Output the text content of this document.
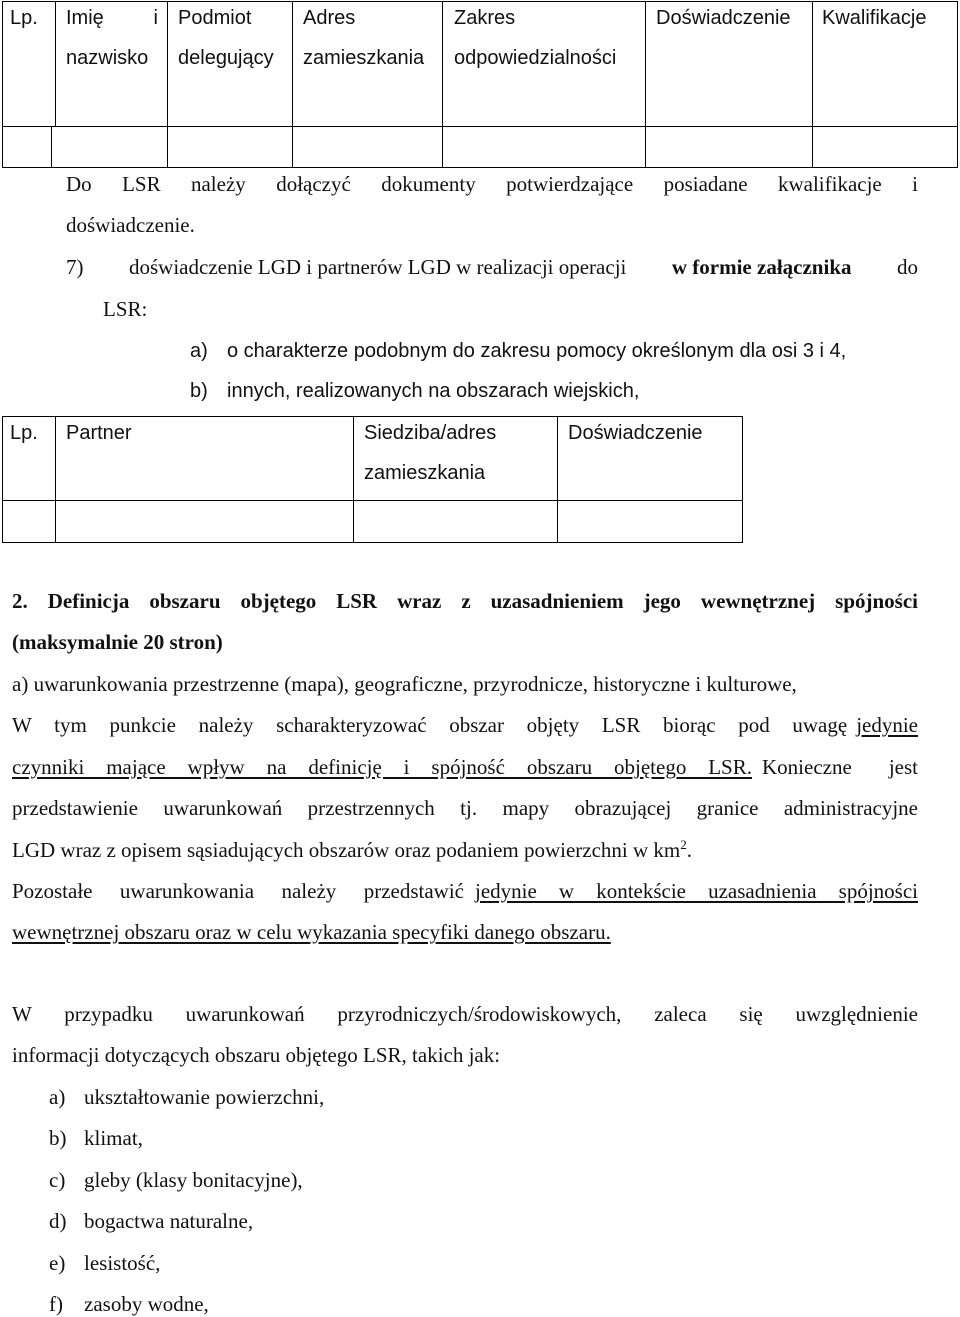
Lp. Imię i
nazwisko
Podmiot
delegujący
Adres
zamieszkania
Zakres
odpowiedzialności
Doświadczenie Kwalifikacje
Do LSR należy dołączyć dokumenty potwierdzające posiadane kwalifikacje i
doświadczenie.
7) doświadczenie LGD i partnerów LGD w realizacji operacji w formie załącznika do
LSR:
a) o charakterze podobnym do zakresu pomocy określonym dla osi 3 i 4,
b) innych, realizowanych na obszarach wiejskich,
Lp. Partner	Siedziba/adres
zamieszkania
Doświadczenie
2. Definicja obszaru objętego LSR wraz z uzasadnieniem jego wewnętrznej spójności
(maksymalnie 20 stron)
a) uwarunkowania przestrzenne (mapa), geograficzne, przyrodnicze, historyczne i kulturowe,
W tym punkcie należy scharakteryzować obszar objęty LSR biorąc pod uwagę jedynie
czynniki mające wpływ na definicję i spójność obszaru objętego LSR. Konieczne jest
przedstawienie uwarunkowań przestrzennych tj. mapy obrazującej granice administracyjne
LGD wraz z opisem sąsiadujących obszarów oraz podaniem powierzchni w $km^2$.
Pozostałe uwarunkowania należy przedstawić jedynie w kontekście uzasadnienia spójności
wewnętrznej obszaru oraz w celu wykazania specyfiki danego obszaru.
W przypadku uwarunkowań przyrodniczych/środowiskowych, zaleca się uwzględnienie
informacji dotyczących obszaru objętego LSR, takich jak:
a) ukształtowanie powierzchni,
b) klimat,
c) gleby (klasy bonitacyjne),
d) bogactwa naturalne,
e) lesistość,
f) zasoby wodne,
